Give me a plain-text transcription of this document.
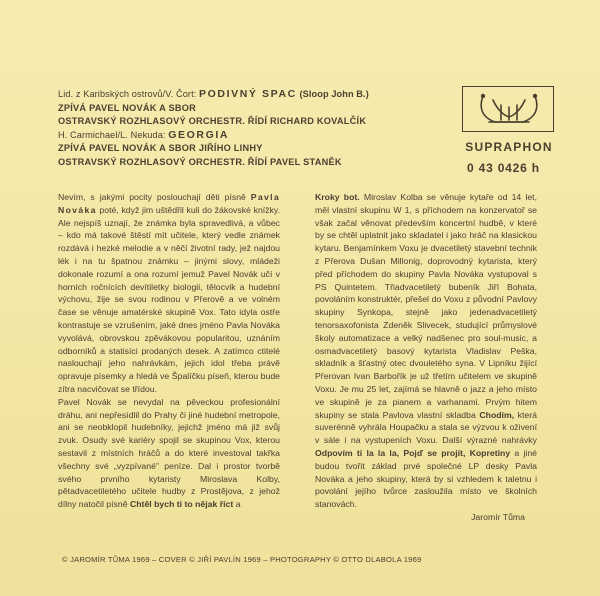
Lid. z Karibských ostrovů/V. Čort: PODIVNÝ SPAC (Sloop John B.)
ZPÍVÁ PAVEL NOVÁK A SBOR
OSTRAVSKÝ ROZHLASOVÝ ORCHESTR. ŘÍDÍ RICHARD KOVALČÍK
H. Carmichael/L. Nekuda: GEORGIA
ZPÍVÁ PAVEL NOVÁK A SBOR JIŘÍHO LINHY
OSTRAVSKÝ ROZHLASOVÝ ORCHESTR. ŘÍDÍ PAVEL STANĚK
SUPRAPHON
0 43 0426 h

Nevím, s jakými pocity poslouchají děti písně Pavla Nováka poté, když jim uštědřil kuli do žákovské knížky. Ale nejspíš uznají, že známka byla spravedlivá, a vůbec – kdo má takové štěstí mít učitele, který vedle známek rozdává i hezké melodie a v něčí životní rady, jež najdou lék i na tu špatnou známku – jinými slovy, mládeži dokonale rozumí a ona rozumí jemuž Pavel Novák učí v horních ročnících devítiletky biologii, tělocvik a hudební výchovu, žije se svou rodinou v Přerově a ve volném čase se věnuje amatérské skupině Vox. Tato idyla ostře kontrastuje se vzrušením, jaké dnes jméno Pavla Nováka vyvolává, obrovskou zpěvákovou popularitou, uznáním odborníků a statisíci prodaných desek. A zatímco ctitelé naslouchají jeho nahrávkám, jejich idol třeba právě opravuje písemky a hledá ve Špalíčku píseň, kterou bude zítra nacvičovat se třídou.

Pavel Novák se nevydal na pěveckou profesionální dráhu, ani nepřesídlil do Prahy či jiné hudební metropole, ani se neobklopil hudebníky, jejichž jméno má již svůj zvuk. Osudy své kariéry spojil se skupinou Vox, kterou sestavil z místních hráčů a do které investoval takřka všechny své „vyzpívané" peníze. Dal i prostor tvorbě svého prvního kytaristy Miroslava Kolby, pětadvacetiletého učitele hudby z Prostějova, z jehož dílny natočil písně Chtěl bych ti to nějak říct a

Kroky bot. Miroslav Kolba se věnuje kytaře od 14 let, měl vlastní skupinu W 1, s příchodem na konzervatoř se však začal věnovat především koncertní hudbě, v které by se chtěl uplatnit jako skladatel i jako hráč na klasickou kytaru. Benjamínkem Voxu je dvacetiletý stavební technik z Přerova Dušan Millonig, doprovodný kytarista, který před příchodem do skupiny Pavla Nováka vystupoval s PS Quintetem. Třiadvacetiletý bubeník Jiří Bohata, povoláním konstruktér, přešel do Voxu z původní Pavlovy skupiny Synkopa, stejně jako jedenadvacetiletý tenorsaxofonista Zdeněk Slivecek, studující průmyslové školy automatizace a velký nadšenec pro soul-music, a osmadvacetiletý basový kytarista Vladislav Peška, skladník a šťastný otec dvouletého syna. V Lipníku žijící Přerovan Ivan Barbořík je už třetím učitelem ve skupině Voxu. Je mu 25 let, zajímá se hlavně o jazz a jeho místo ve skupině je za pianem a varhanami. Prvým hitem skupiny se stala Pavlova vlastní skladba Chodím, která suverénně vyhrála Houpačku a stala se výzvou k oživení v sále i na vystupeních Voxu. Další výrazné nahrávky Odpovím ti la la la, Pojď se projít, Kopretiny a jiné budou tvořit základ prvé společné LP desky Pavla Nováka a jeho skupiny, která by si vzhledem k taletnu i povolání jejího tvůrce zasloužila místo ve školních stanovách.

Jaromír Tůma
© JAROMÍR TŮMA 1969 – COVER © JIŘÍ PAVLÍN 1969 – PHOTOGRAPHY © OTTO DLABOLA 1969
